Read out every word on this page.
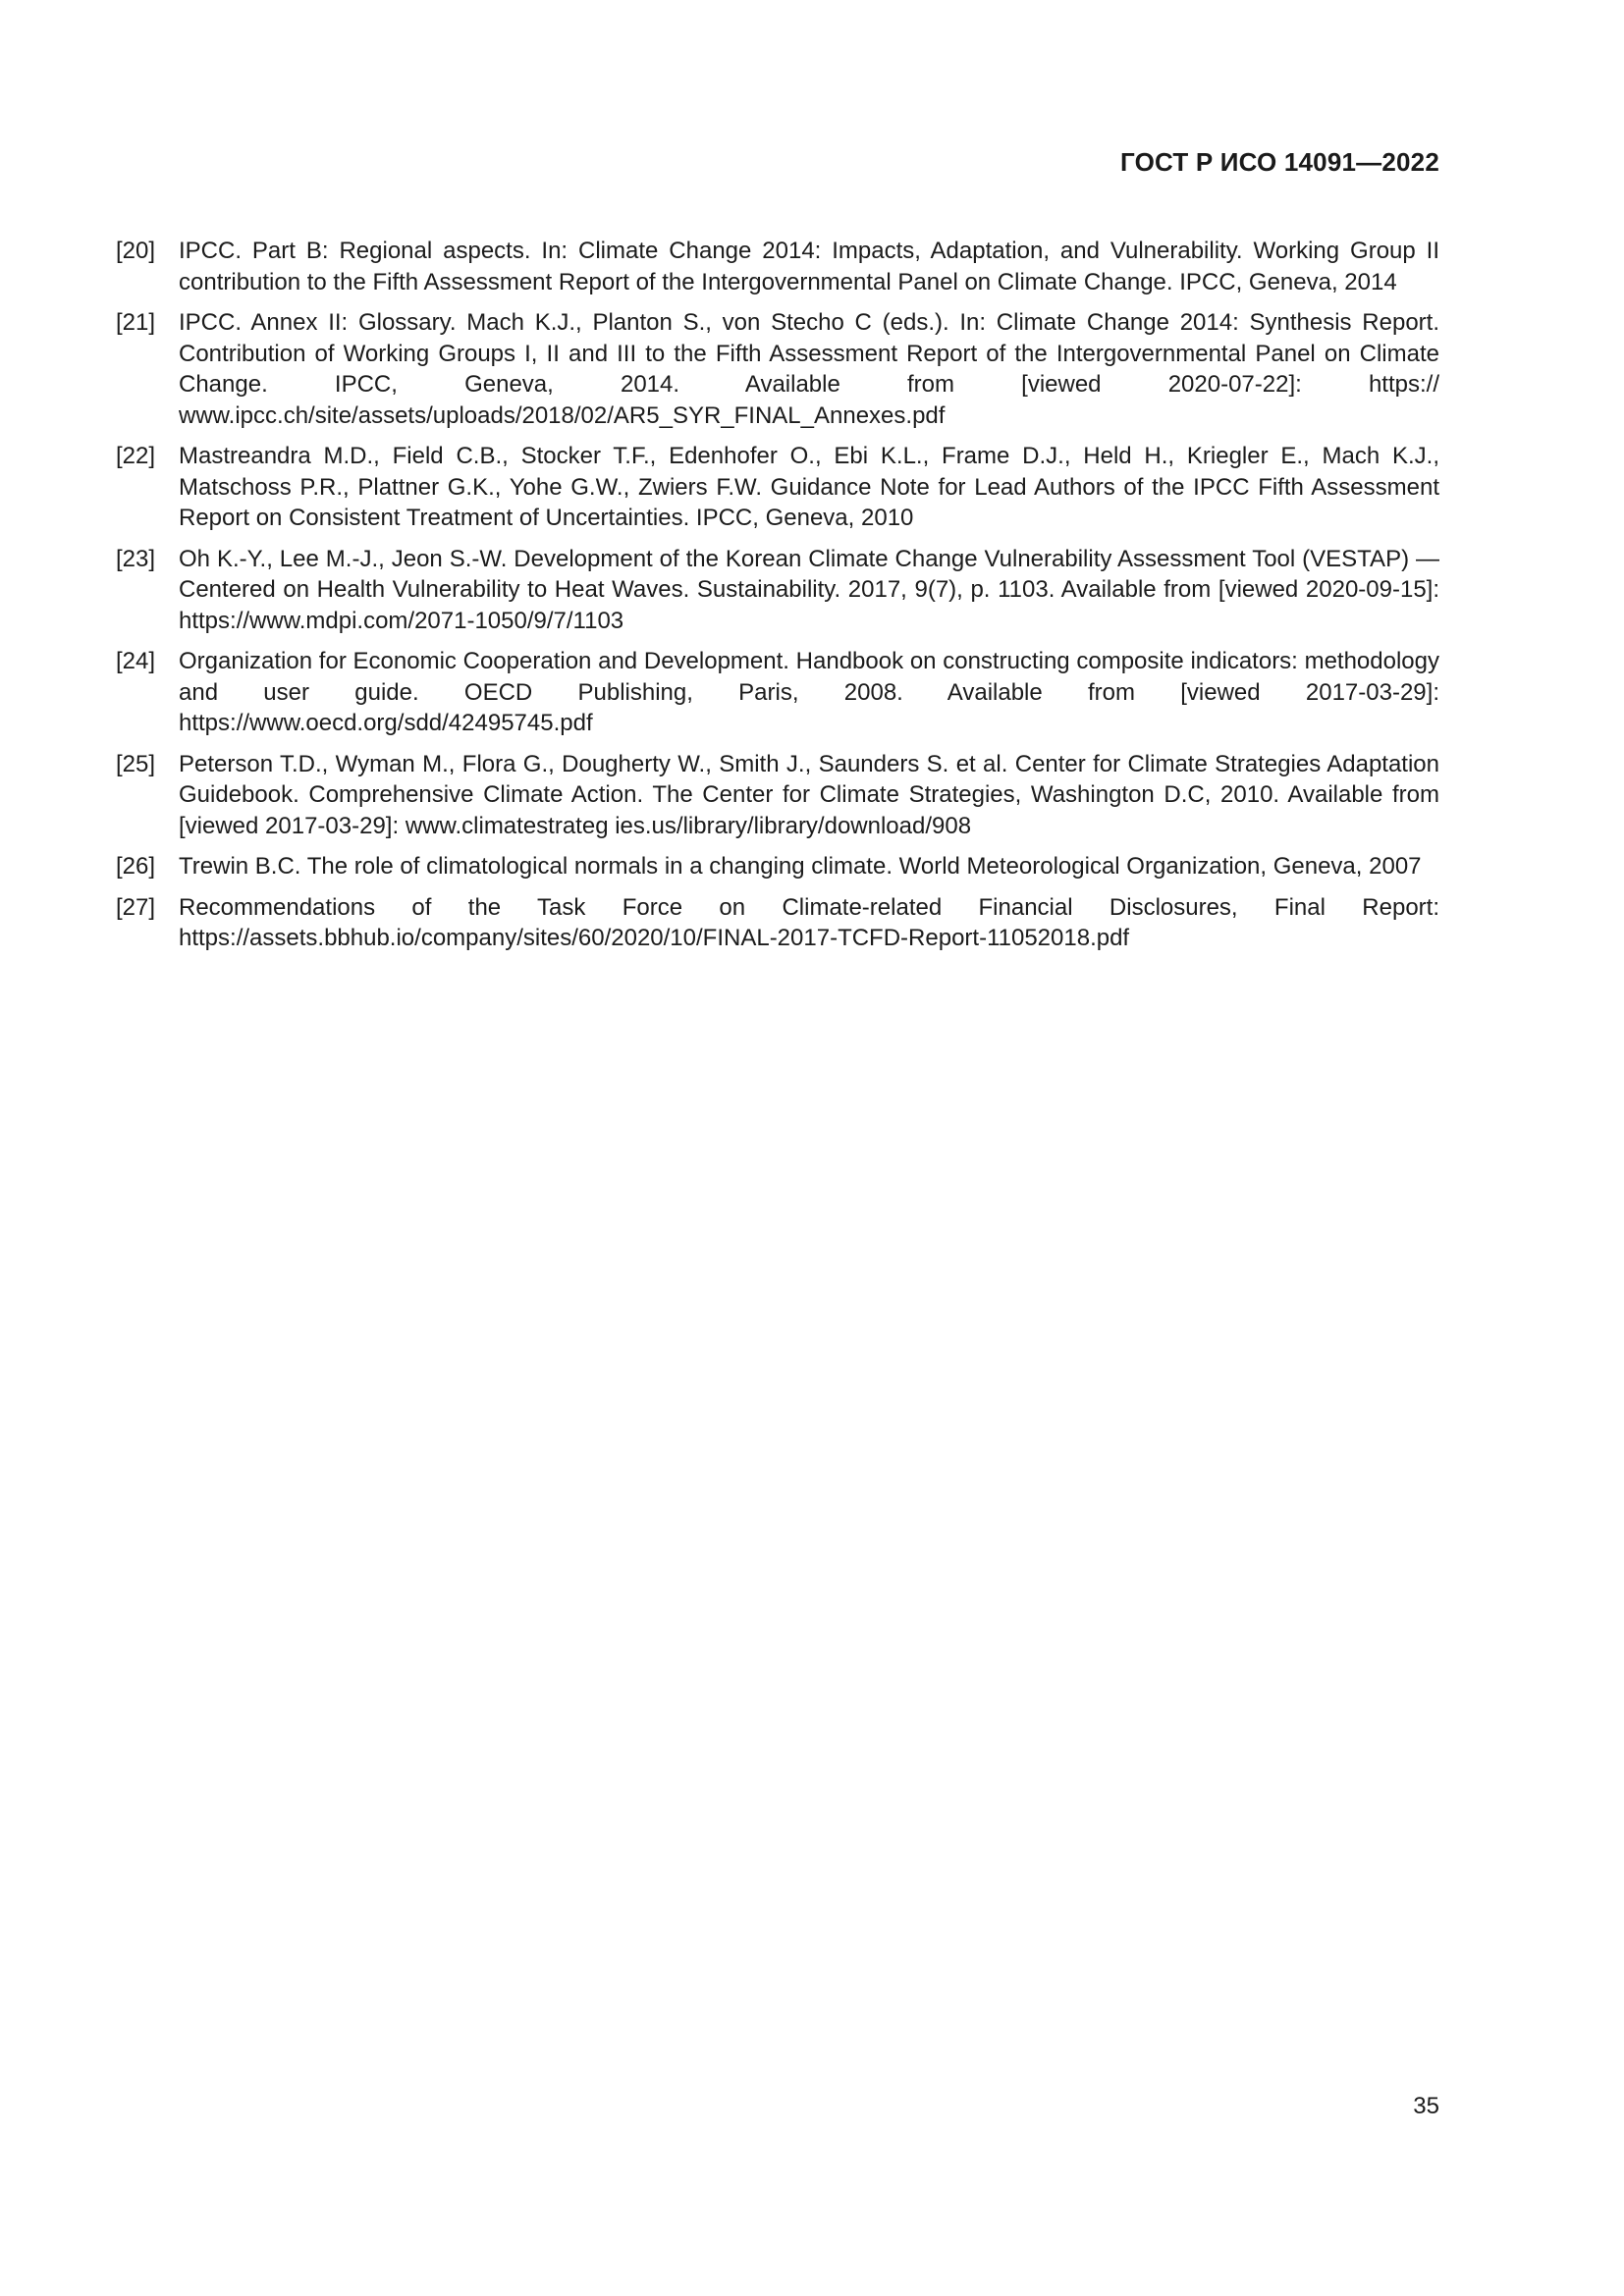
ГОСТ Р ИСО 14091—2022
[20] IPCC. Part B: Regional aspects. In: Climate Change 2014: Impacts, Adaptation, and Vulnerability. Working Group II contribution to the Fifth Assessment Report of the Intergovernmental Panel on Climate Change. IPCC, Geneva, 2014
[21] IPCC. Annex II: Glossary. Mach K.J., Planton S., von Stecho C (eds.). In: Climate Change 2014: Synthesis Report. Contribution of Working Groups I, II and III to the Fifth Assessment Report of the Intergovernmental Panel on Climate Change. IPCC, Geneva, 2014. Available from [viewed 2020-07-22]: https:// www.ipcc.ch/site/assets/uploads/2018/02/AR5_SYR_FINAL_Annexes.pdf
[22] Mastreandra M.D., Field C.B., Stocker T.F., Edenhofer O., Ebi K.L., Frame D.J., Held H., Kriegler E., Mach K.J., Matschoss P.R., Plattner G.K., Yohe G.W., Zwiers F.W. Guidance Note for Lead Authors of the IPCC Fifth Assessment Report on Consistent Treatment of Uncertainties. IPCC, Geneva, 2010
[23] Oh K.-Y., Lee M.-J., Jeon S.-W. Development of the Korean Climate Change Vulnerability Assessment Tool (VESTAP) — Centered on Health Vulnerability to Heat Waves. Sustainability. 2017, 9(7), p. 1103. Available from [viewed 2020-09-15]: https://www.mdpi.com/2071-1050/9/7/1103
[24] Organization for Economic Cooperation and Development. Handbook on constructing composite indicators: methodology and user guide. OECD Publishing, Paris, 2008. Available from [viewed 2017-03-29]: https://www.oecd.org/sdd/42495745.pdf
[25] Peterson T.D., Wyman M., Flora G., Dougherty W., Smith J., Saunders S. et al. Center for Climate Strategies Adaptation Guidebook. Comprehensive Climate Action. The Center for Climate Strategies, Washington D.C, 2010. Available from [viewed 2017-03-29]: www.climatestrateg ies.us/library/library/download/908
[26] Trewin B.C. The role of climatological normals in a changing climate. World Meteorological Organization, Geneva, 2007
[27] Recommendations of the Task Force on Climate-related Financial Disclosures, Final Report: https://assets.bbhub.io/company/sites/60/2020/10/FINAL-2017-TCFD-Report-11052018.pdf
35
